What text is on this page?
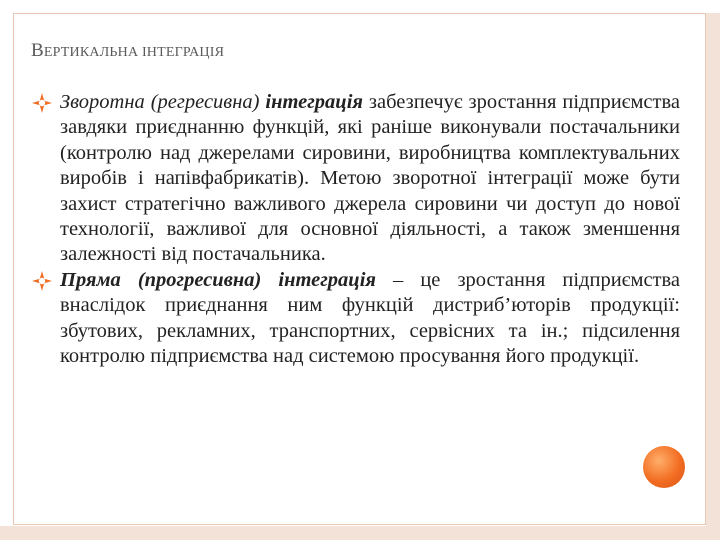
ВЕРТИКАЛЬНА ІНТЕГРАЦІЯ
Зворотна (регресивна) інтеграція забезпечує зростання підприємства завдяки приєднанню функцій, які раніше виконували постачальники (контролю над джерелами сировини, виробництва комплектувальних виробів і напівфабрикатів). Метою зворотної інтеграції може бути захист стратегічно важливого джерела сировини чи доступ до нової технології, важливої для основної діяльності, а також зменшення залежності від постачальника.
Пряма (прогресивна) інтеграція – це зростання підприємства внаслідок приєднання ним функцій дистриб’юторів продукції: збутових, рекламних, транспортних, сервісних та ін.; підсилення контролю підприємства над системою просування його продукції.
